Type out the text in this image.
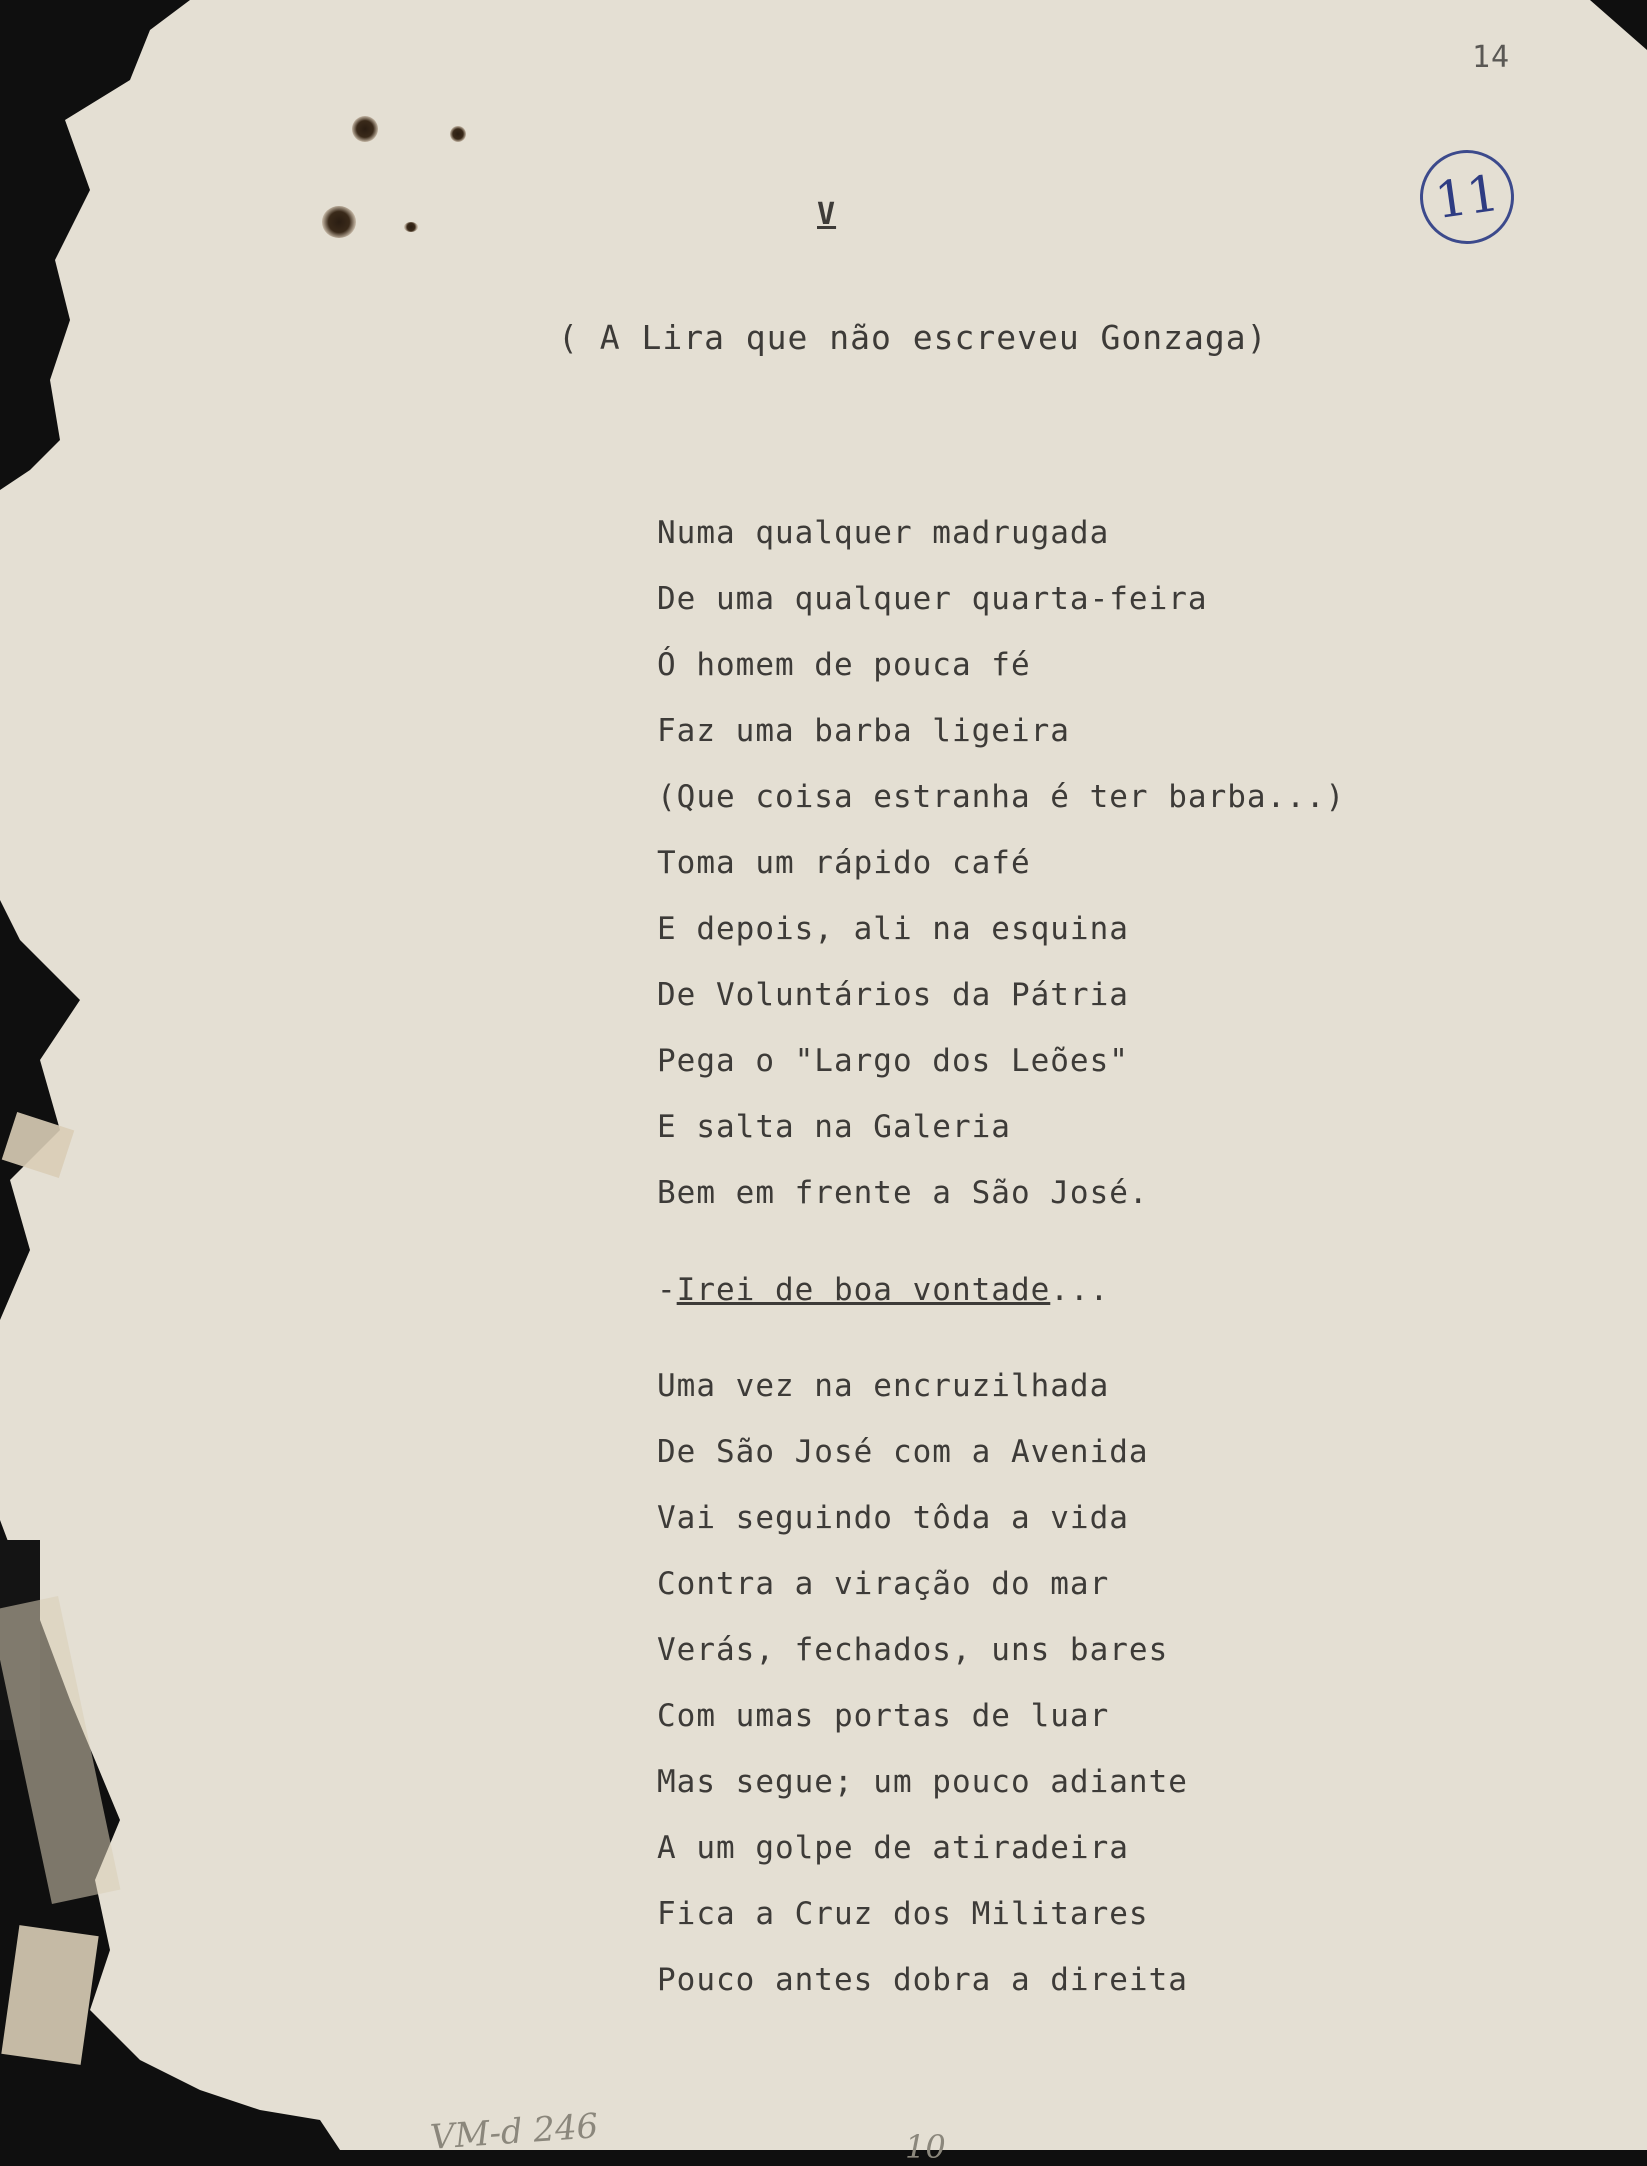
14
11
V
( A Lira que não escreveu Gonzaga)
Numa qualquer madrugada
De uma qualquer quarta-feira
Ó homem de pouca fé
Faz uma barba ligeira
(Que coisa estranha é ter barba...)
Toma um rápido café
E depois, ali na esquina
De Voluntários da Pátria
Pega o "Largo dos Leões"
E salta na Galeria
Bem em frente a São José.
-Irei de boa vontade...
Uma vez na encruzilhada
De São José com a Avenida
Vai seguindo tôda a vida
Contra a viração do mar
Verás, fechados, uns bares
Com umas portas de luar
Mas segue; um pouco adiante
A um golpe de atiradeira
Fica a Cruz dos Militares
Pouco antes dobra a direita
VM-d 246	10
